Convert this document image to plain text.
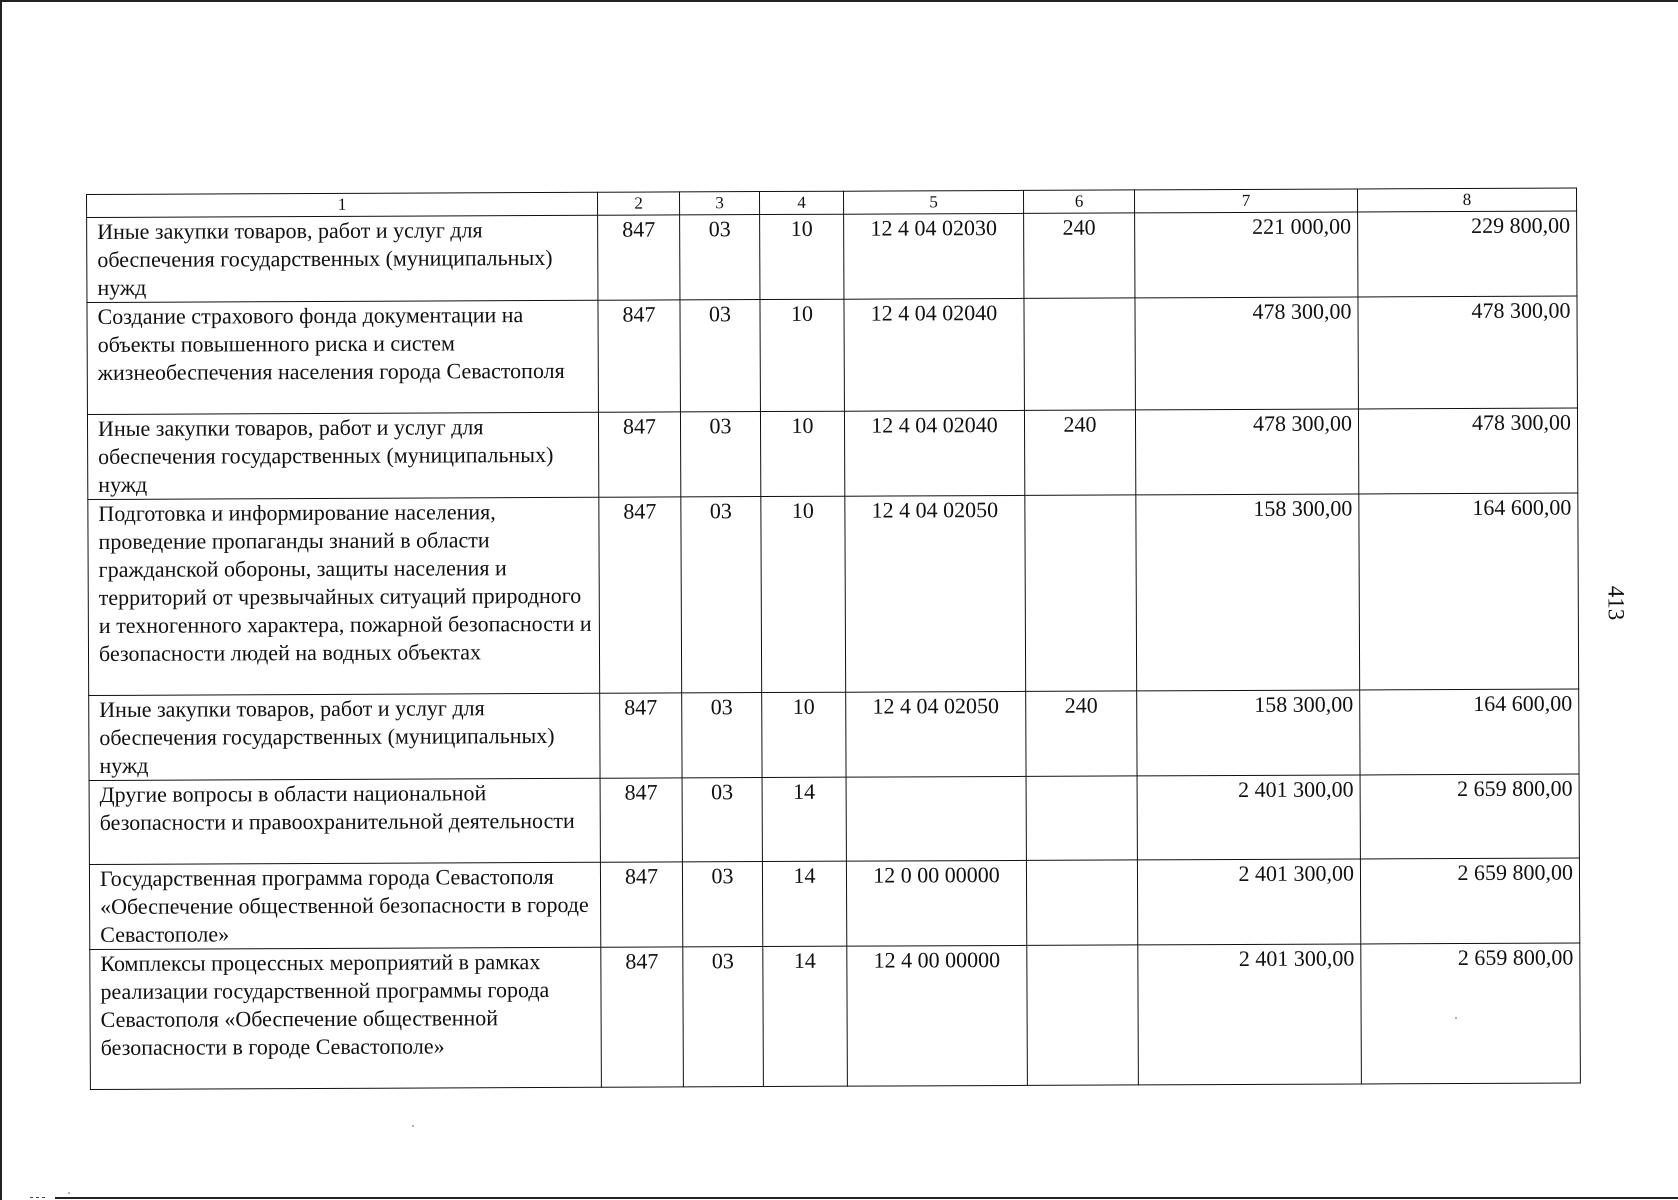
413
1	2	3	4	5	6	7	8
Иные закупки товаров, работ и услуг для обеспечения государственных (муниципальных) нужд	847	03	10	12 4 04 02030	240	221 000,00	229 800,00
Создание страхового фонда документации на объекты повышенного риска и систем жизнеобеспечения населения города Севастополя	847	03	10	12 4 04 02040		478 300,00	478 300,00
Иные закупки товаров, работ и услуг для обеспечения государственных (муниципальных) нужд	847	03	10	12 4 04 02040	240	478 300,00	478 300,00
Подготовка и информирование населения, проведение пропаганды знаний в области гражданской обороны, защиты населения и территорий от чрезвычайных ситуаций природного и техногенного характера, пожарной безопасности и безопасности людей на водных объектах	847	03	10	12 4 04 02050		158 300,00	164 600,00
Иные закупки товаров, работ и услуг для обеспечения государственных (муниципальных) нужд	847	03	10	12 4 04 02050	240	158 300,00	164 600,00
Другие вопросы в области национальной безопасности и правоохранительной деятельности	847	03	14			2 401 300,00	2 659 800,00
Государственная программа города Севастополя «Обеспечение общественной безопасности в городе Севастополе»	847	03	14	12 0 00 00000		2 401 300,00	2 659 800,00
Комплексы процессных мероприятий в рамках реализации государственной программы города Севастополя «Обеспечение общественной безопасности в городе Севастополе»	847	03	14	12 4 00 00000		2 401 300,00	2 659 800,00
